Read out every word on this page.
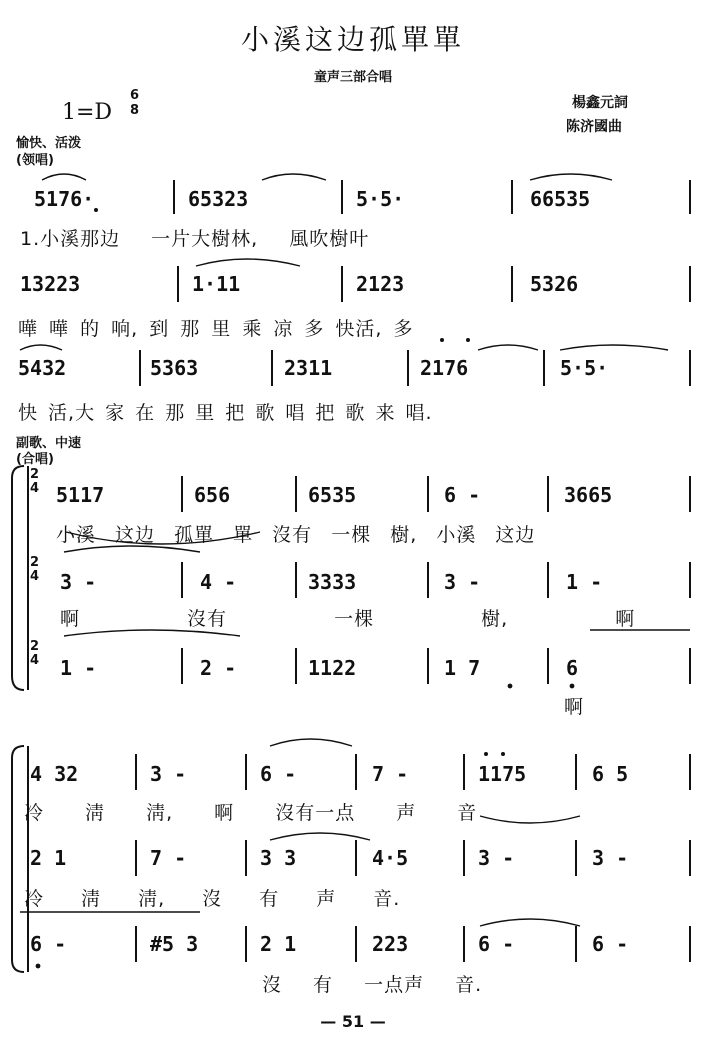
小溪这边孤單單
童声三部合唱
楊鑫元詞
陈济國曲
1=D
6
8
愉快、活泼
(领唱)
5176·	65323	5·5·	66535
1.小溪那边 一片大樹林, 風吹樹叶
13223	1·11	2123	5326
嘩 嘩 的 响, 到 那 里 乘 凉 多 快活, 多
5432	5363	2311	2176	5·5·
快 活,大 家 在 那 里 把 歌 唱 把 歌 来 唱.
副歌、中速
(合唱)
2
4 5117	656	6535	6 -	3665
小溪 这边 孤單 單 沒有 一棵 樹, 小溪 这边
2
4 3 -	4 -	3333	3 -	1 -
啊 沒有 一棵 樹, 啊
2
4 1 -	2 -	1122	1 7	6
啊
4 32	3 -	6 -	7 -	1175	6 5
冷 淸 淸, 啊 沒有一点 声 音
2 1	7 -	3 3	4·5	3 -	3 -
冷 淸 淸, 沒 有 声 音.
6 -	#5 3	2 1	223	6 -	6 -
沒 有 一点声 音.
— 51 —
